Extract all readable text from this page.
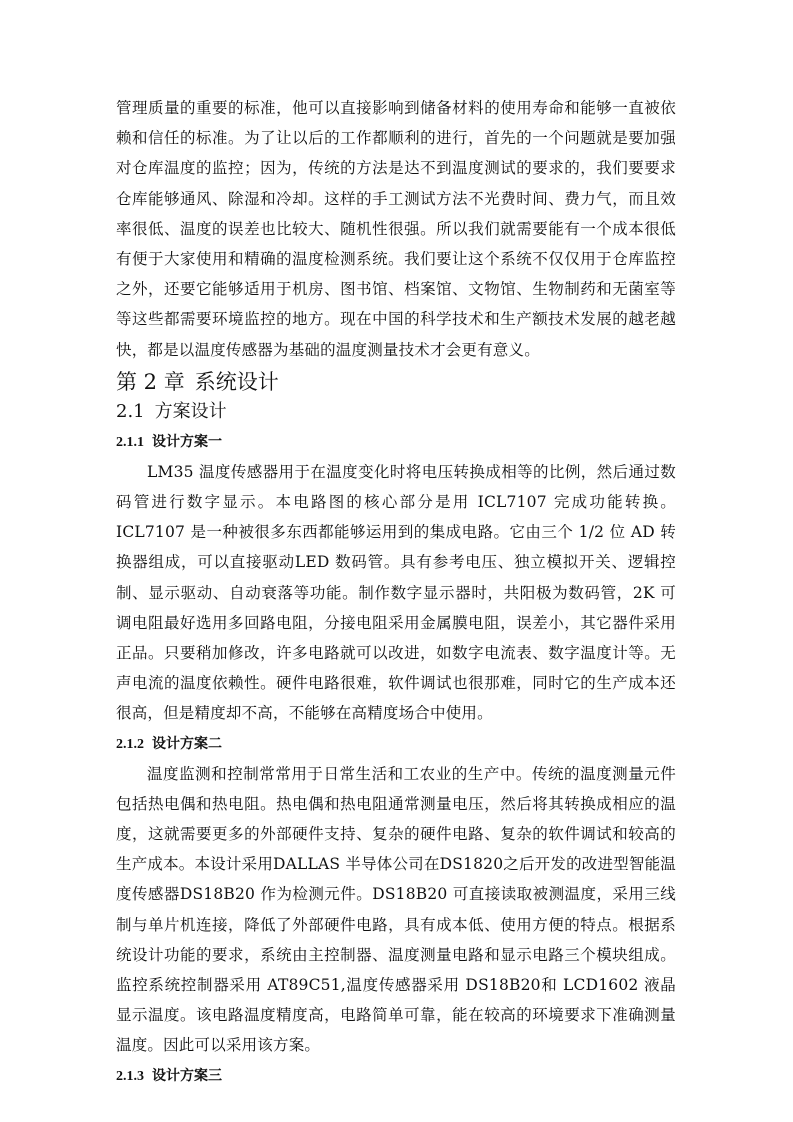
管理质量的重要的标准，他可以直接影响到储备材料的使用寿命和能够一直被依赖和信任的标准。为了让以后的工作都顺利的进行，首先的一个问题就是要加强对仓库温度的监控；因为，传统的方法是达不到温度测试的要求的，我们要要求仓库能够通风、除湿和冷却。这样的手工测试方法不光费时间、费力气，而且效率很低、温度的误差也比较大、随机性很强。所以我们就需要能有一个成本很低有便于大家使用和精确的温度检测系统。我们要让这个系统不仅仅用于仓库监控之外，还要它能够适用于机房、图书馆、档案馆、文物馆、生物制药和无菌室等等这些都需要环境监控的地方。现在中国的科学技术和生产额技术发展的越老越快，都是以温度传感器为基础的温度测量技术才会更有意义。

第 2 章 系统设计
2.1 方案设计
2.1.1 设计方案一

LM35 温度传感器用于在温度变化时将电压转换成相等的比例，然后通过数码管进行数字显示。本电路图的核心部分是用 ICL7107 完成功能转换。ICL7107 是一种被很多东西都能够运用到的集成电路。它由三个 1/2 位 AD 转换器组成，可以直接驱动LED 数码管。具有参考电压、独立模拟开关、逻辑控制、显示驱动、自动衰落等功能。制作数字显示器时，共阳极为数码管，2K 可调电阻最好选用多回路电阻，分接电阻采用金属膜电阻，误差小，其它器件采用正品。只要稍加修改，许多电路就可以改进，如数字电流表、数字温度计等。无声电流的温度依赖性。硬件电路很难，软件调试也很那难，同时它的生产成本还很高，但是精度却不高，不能够在高精度场合中使用。

2.1.2 设计方案二

温度监测和控制常常用于日常生活和工农业的生产中。传统的温度测量元件包括热电偶和热电阻。热电偶和热电阻通常测量电压，然后将其转换成相应的温度，这就需要更多的外部硬件支持、复杂的硬件电路、复杂的软件调试和较高的生产成本。本设计采用DALLAS 半导体公司在DS1820之后开发的改进型智能温度传感器DS18B20 作为检测元件。DS18B20 可直接读取被测温度，采用三线制与单片机连接，降低了外部硬件电路，具有成本低、使用方便的特点。根据系统设计功能的要求，系统由主控制器、温度测量电路和显示电路三个模块组成。监控系统控制器采用 AT89C51,温度传感器采用 DS18B20和 LCD1602 液晶显示温度。该电路温度精度高，电路简单可靠，能在较高的环境要求下准确测量温度。因此可以采用该方案。

2.1.3 设计方案三
